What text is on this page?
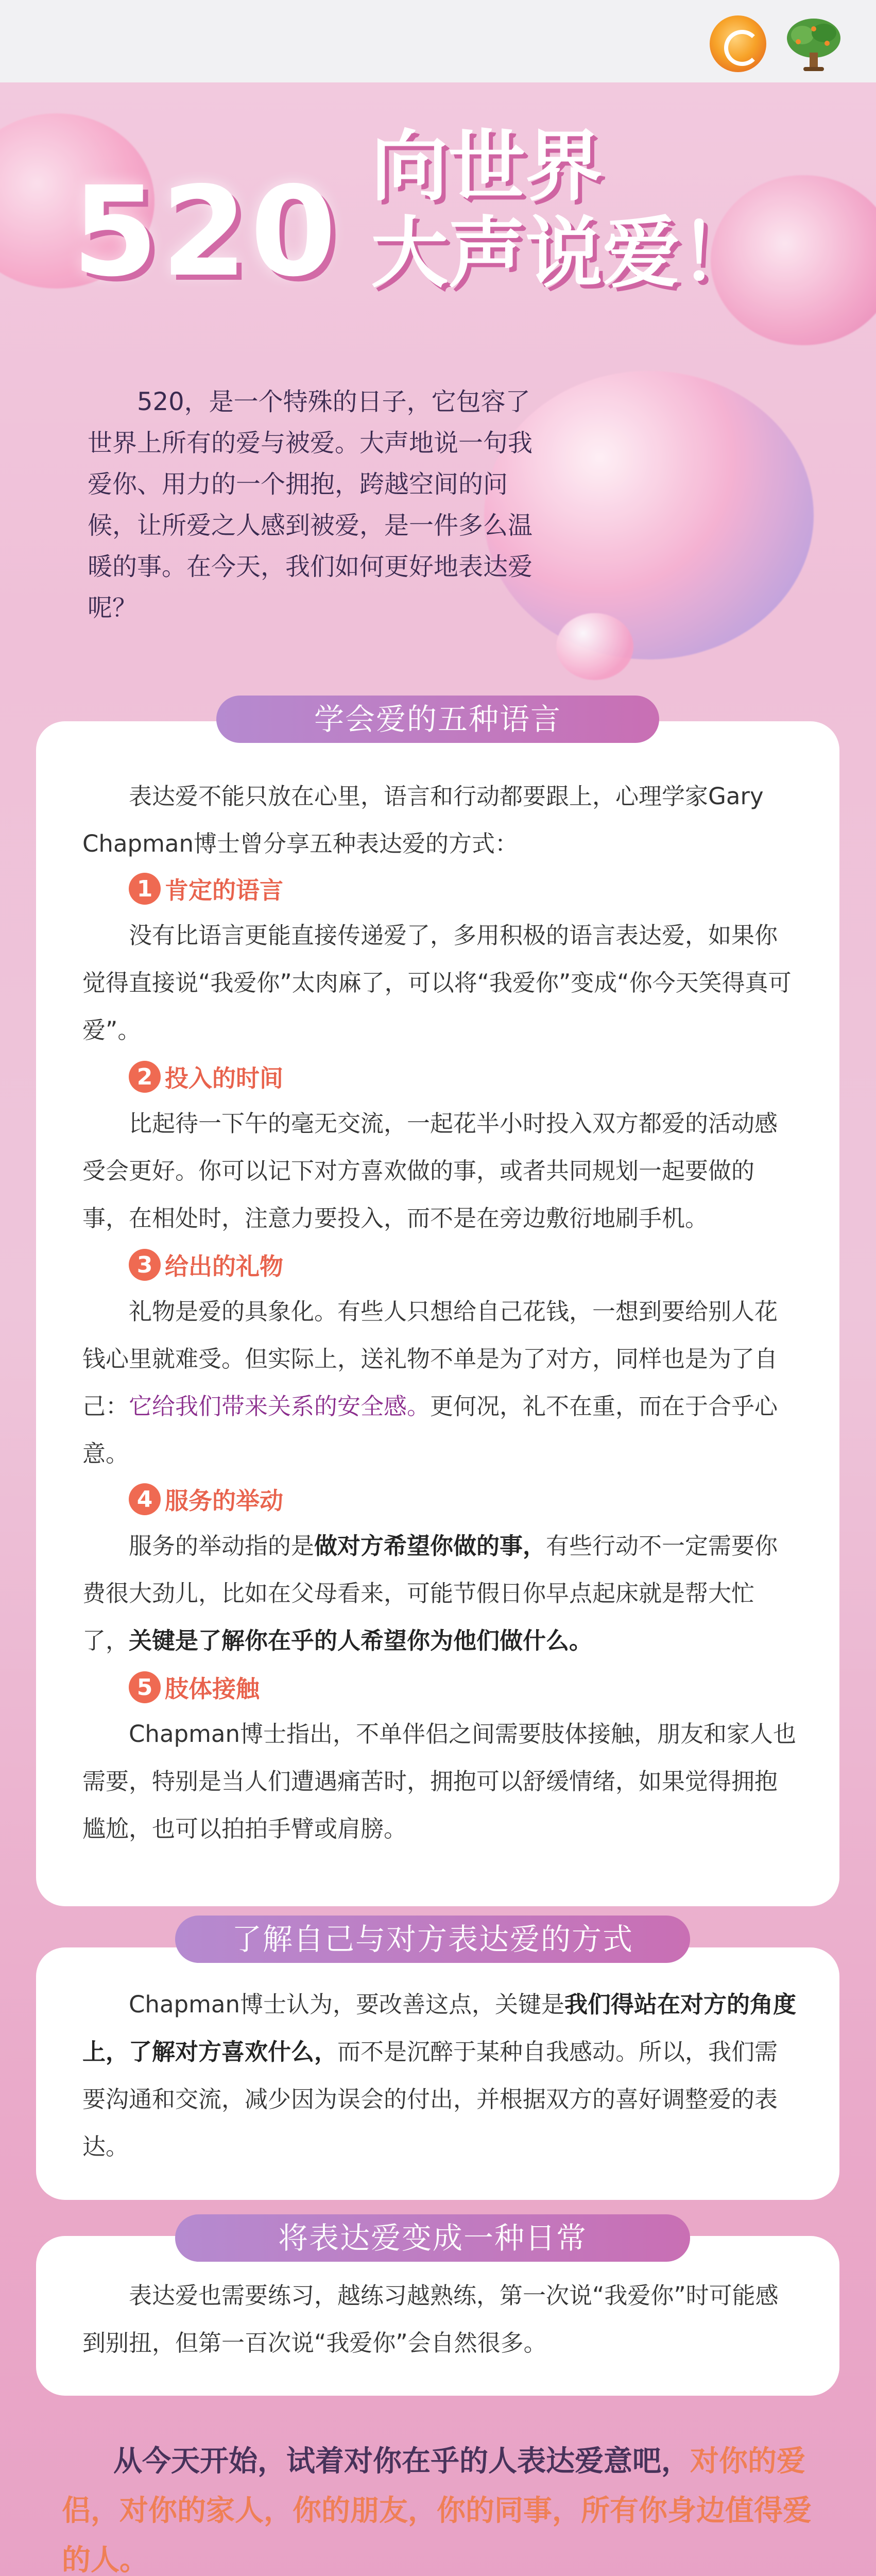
520 向世界
大声说爱！
520，是一个特殊的日子，它包容了世界上所有的爱与被爱。大声地说一句我爱你、用力的一个拥抱，跨越空间的问候，让所爱之人感到被爱，是一件多么温暖的事。在今天，我们如何更好地表达爱呢？
学会爱的五种语言
表达爱不能只放在心里，语言和行动都要跟上，心理学家Gary Chapman博士曾分享五种表达爱的方式：
1 肯定的语言
没有比语言更能直接传递爱了，多用积极的语言表达爱，如果你觉得直接说“我爱你”太肉麻了，可以将“我爱你”变成“你今天笑得真可爱”。
2 投入的时间
比起待一下午的毫无交流，一起花半小时投入双方都爱的活动感受会更好。你可以记下对方喜欢做的事，或者共同规划一起要做的事，在相处时，注意力要投入，而不是在旁边敷衍地刷手机。
3 给出的礼物
礼物是爱的具象化。有些人只想给自己花钱，一想到要给别人花钱心里就难受。但实际上，送礼物不单是为了对方，同样也是为了自己：它给我们带来关系的安全感。更何况，礼不在重，而在于合乎心意。
4 服务的举动
服务的举动指的是做对方希望你做的事，有些行动不一定需要你费很大劲儿，比如在父母看来，可能节假日你早点起床就是帮大忙了，关键是了解你在乎的人希望你为他们做什么。
5 肢体接触
Chapman博士指出，不单伴侣之间需要肢体接触，朋友和家人也需要，特别是当人们遭遇痛苦时，拥抱可以舒缓情绪，如果觉得拥抱尴尬，也可以拍拍手臂或肩膀。
了解自己与对方表达爱的方式
Chapman博士认为，要改善这点，关键是我们得站在对方的角度上，了解对方喜欢什么，而不是沉醉于某种自我感动。所以，我们需要沟通和交流，减少因为误会的付出，并根据双方的喜好调整爱的表达。
将表达爱变成一种日常
表达爱也需要练习，越练习越熟练，第一次说“我爱你”时可能感到别扭，但第一百次说“我爱你”会自然很多。
从今天开始，试着对你在乎的人表达爱意吧，对你的爱侣，对你的家人，你的朋友，你的同事，所有你身边值得爱的人。
